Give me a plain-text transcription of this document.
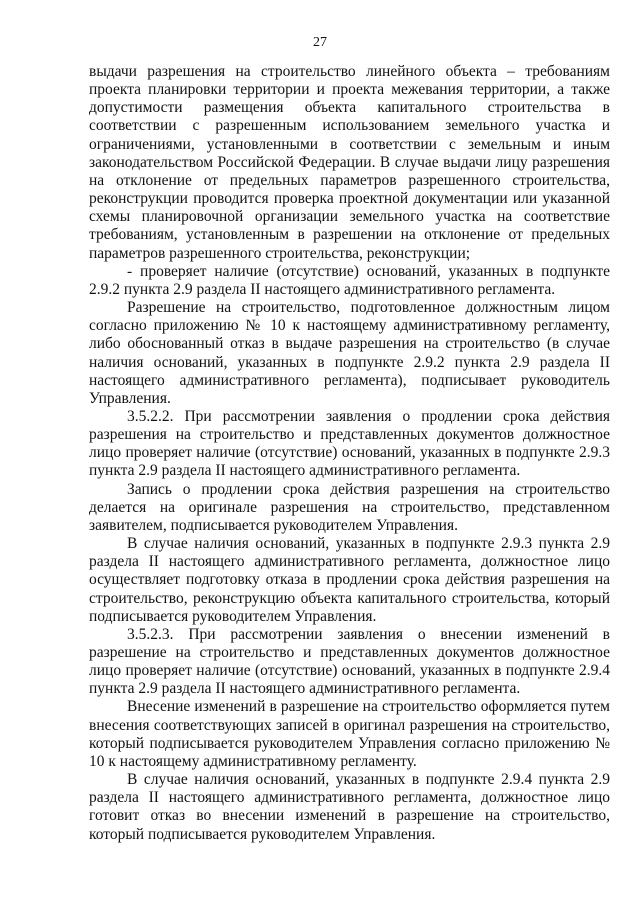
27

выдачи разрешения на строительство линейного объекта – требованиям проекта планировки территории и проекта межевания территории, а также допустимости размещения объекта капитального строительства в соответствии с разрешенным использованием земельного участка и ограничениями, установленными в соответствии с земельным и иным законодательством Российской Федерации. В случае выдачи лицу разрешения на отклонение от предельных параметров разрешенного строительства, реконструкции проводится проверка проектной документации или указанной схемы планировочной организации земельного участка на соответствие требованиям, установленным в разрешении на отклонение от предельных параметров разрешенного строительства, реконструкции;

- проверяет наличие (отсутствие) оснований, указанных в подпункте 2.9.2 пункта 2.9 раздела II настоящего административного регламента.

Разрешение на строительство, подготовленное должностным лицом согласно приложению № 10 к настоящему административному регламенту, либо обоснованный отказ в выдаче разрешения на строительство (в случае наличия оснований, указанных в подпункте 2.9.2 пункта 2.9 раздела II настоящего административного регламента), подписывает руководитель Управления.

3.5.2.2. При рассмотрении заявления о продлении срока действия разрешения на строительство и представленных документов должностное лицо проверяет наличие (отсутствие) оснований, указанных в подпункте 2.9.3 пункта 2.9 раздела II настоящего административного регламента.

Запись о продлении срока действия разрешения на строительство делается на оригинале разрешения на строительство, представленном заявителем, подписывается руководителем Управления.

В случае наличия оснований, указанных в подпункте 2.9.3 пункта 2.9 раздела II настоящего административного регламента, должностное лицо осуществляет подготовку отказа в продлении срока действия разрешения на строительство, реконструкцию объекта капитального строительства, который подписывается руководителем Управления.

3.5.2.3. При рассмотрении заявления о внесении изменений в разрешение на строительство и представленных документов должностное лицо проверяет наличие (отсутствие) оснований, указанных в подпункте 2.9.4 пункта 2.9 раздела II настоящего административного регламента.

Внесение изменений в разрешение на строительство оформляется путем внесения соответствующих записей в оригинал разрешения на строительство, который подписывается руководителем Управления согласно приложению № 10 к настоящему административному регламенту.

В случае наличия оснований, указанных в подпункте 2.9.4 пункта 2.9 раздела II настоящего административного регламента, должностное лицо готовит отказ во внесении изменений в разрешение на строительство, который подписывается руководителем Управления.
